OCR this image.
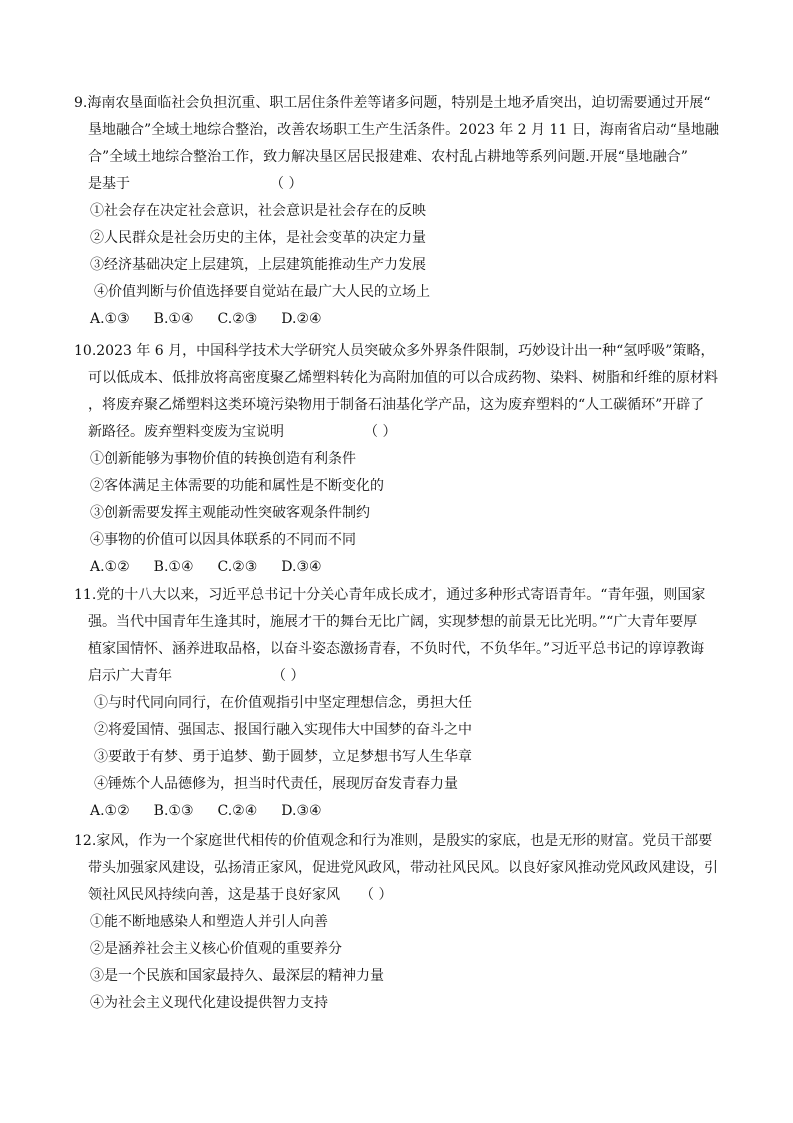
9.海南农垦面临社会负担沉重、职工居住条件差等诸多问题，特别是土地矛盾突出，迫切需要通过开展“
垦地融合”全域土地综合整治，改善农场职工生产生活条件。2023 年 2 月 11 日，海南省启动“垦地融
合”全域土地综合整治工作，致力解决垦区居民报建难、农村乱占耕地等系列问题.开展“垦地融合”
是基于	（ ）

①社会存在决定社会意识，社会意识是社会存在的反映
②人民群众是社会历史的主体，是社会变革的决定力量
③经济基础决定上层建筑，上层建筑能推动生产力发展
④价值判断与价值选择要自觉站在最广大人民的立场上
A.①③ B.①④ C.②③ D.②④

10.2023 年 6 月，中国科学技术大学研究人员突破众多外界条件限制，巧妙设计出一种“氢呼吸”策略，
可以低成本、低排放将高密度聚乙烯塑料转化为高附加值的可以合成药物、染料、树脂和纤维的原材料
，将废弃聚乙烯塑料这类环境污染物用于制备石油基化学产品，这为废弃塑料的“人工碳循环”开辟了
新路径。废弃塑料变废为宝说明	（ ）

①创新能够为事物价值的转换创造有利条件
②客体满足主体需要的功能和属性是不断变化的
③创新需要发挥主观能动性突破客观条件制约
④事物的价值可以因具体联系的不同而不同
A.①② B.①④ C.②③ D.③④

11.党的十八大以来，习近平总书记十分关心青年成长成才，通过多种形式寄语青年。“青年强，则国家
强。当代中国青年生逢其时，施展才干的舞台无比广阔，实现梦想的前景无比光明。”“广大青年要厚
植家国情怀、涵养进取品格，以奋斗姿态激扬青春，不负时代，不负华年。”习近平总书记的谆谆教诲
启示广大青年	（ ）

①与时代同向同行，在价值观指引中坚定理想信念，勇担大任
②将爱国情、强国志、报国行融入实现伟大中国梦的奋斗之中
③要敢于有梦、勇于追梦、勤于圆梦，立足梦想书写人生华章
④锤炼个人品德修为，担当时代责任，展现厉奋发青春力量
A.①② B.①③ C.②④ D.③④

12.家风，作为一个家庭世代相传的价值观念和行为准则，是殷实的家底，也是无形的财富。党员干部要
带头加强家风建设，弘扬清正家风，促进党风政风，带动社风民风。以良好家风推动党风政风建设，引
领社风民风持续向善，这是基于良好家风 （ ）

①能不断地感染人和塑造人并引人向善
②是涵养社会主义核心价值观的重要养分
③是一个民族和国家最持久、最深层的精神力量
④为社会主义现代化建设提供智力支持
